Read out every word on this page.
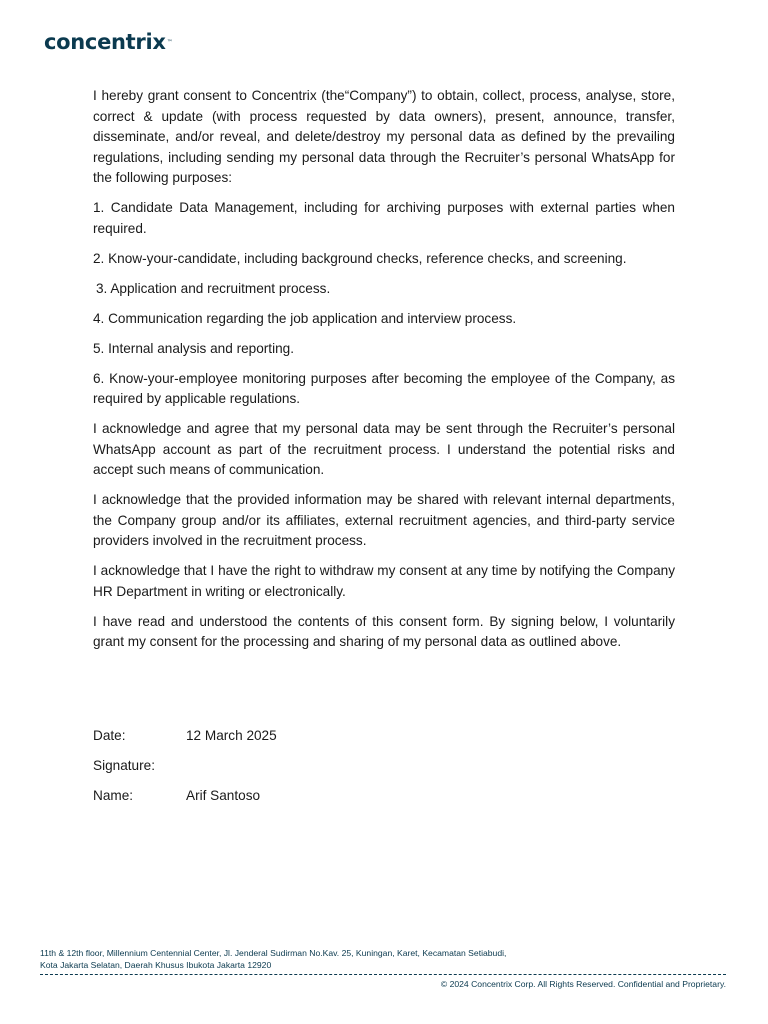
concentrix™

I hereby grant consent to Concentrix (the“Company”) to obtain, collect, process, analyse, store, correct & update (with process requested by data owners), present, announce, transfer, disseminate, and/or reveal, and delete/destroy my personal data as defined by the prevailing regulations, including sending my personal data through the Recruiter’s personal WhatsApp for the following purposes:

1. Candidate Data Management, including for archiving purposes with external parties when required.

2. Know-your-candidate, including background checks, reference checks, and screening.

3. Application and recruitment process.

4. Communication regarding the job application and interview process.

5. Internal analysis and reporting.

6. Know-your-employee monitoring purposes after becoming the employee of the Company, as required by applicable regulations.

I acknowledge and agree that my personal data may be sent through the Recruiter’s personal WhatsApp account as part of the recruitment process. I understand the potential risks and accept such means of communication.

I acknowledge that the provided information may be shared with relevant internal departments, the Company group and/or its affiliates, external recruitment agencies, and third-party service providers involved in the recruitment process.

I acknowledge that I have the right to withdraw my consent at any time by notifying the Company HR Department in writing or electronically.

I have read and understood the contents of this consent form. By signing below, I voluntarily grant my consent for the processing and sharing of my personal data as outlined above.

Date:	12 March 2025
Signature:
Name:	Arif Santoso
11th & 12th floor, Millennium Centennial Center, Jl. Jenderal Sudirman No.Kav. 25, Kuningan, Karet, Kecamatan Setiabudi,
Kota Jakarta Selatan, Daerah Khusus Ibukota Jakarta 12920
© 2024 Concentrix Corp. All Rights Reserved. Confidential and Proprietary.
